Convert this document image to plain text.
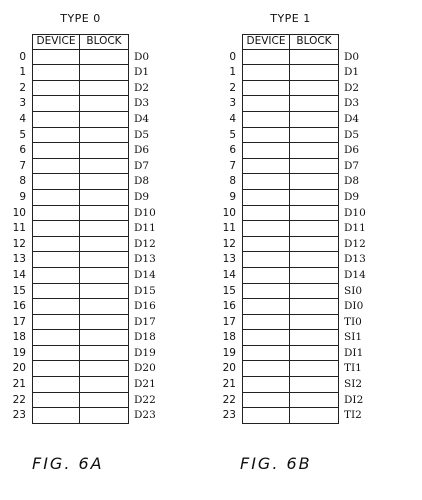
TYPE 0
DEVICE	BLOCK
0	D0
1	D1
2	D2
3	D3
4	D4
5	D5
6	D6
7	D7
8	D8
9	D9
10	D10
11	D11
12	D12
13	D13
14	D14
15	D15
16	D16
17	D17
18	D18
19	D19
20	D20
21	D21
22	D22
23	D23
TYPE 1
DEVICE	BLOCK
0	D0
1	D1
2	D2
3	D3
4	D4
5	D5
6	D6
7	D7
8	D8
9	D9
10	D10
11	D11
12	D12
13	D13
14	D14
15	SI0
16	DI0
17	TI0
18	SI1
19	DI1
20	TI1
21	SI2
22	DI2
23	TI2
FIG. 6A	FIG. 6B
